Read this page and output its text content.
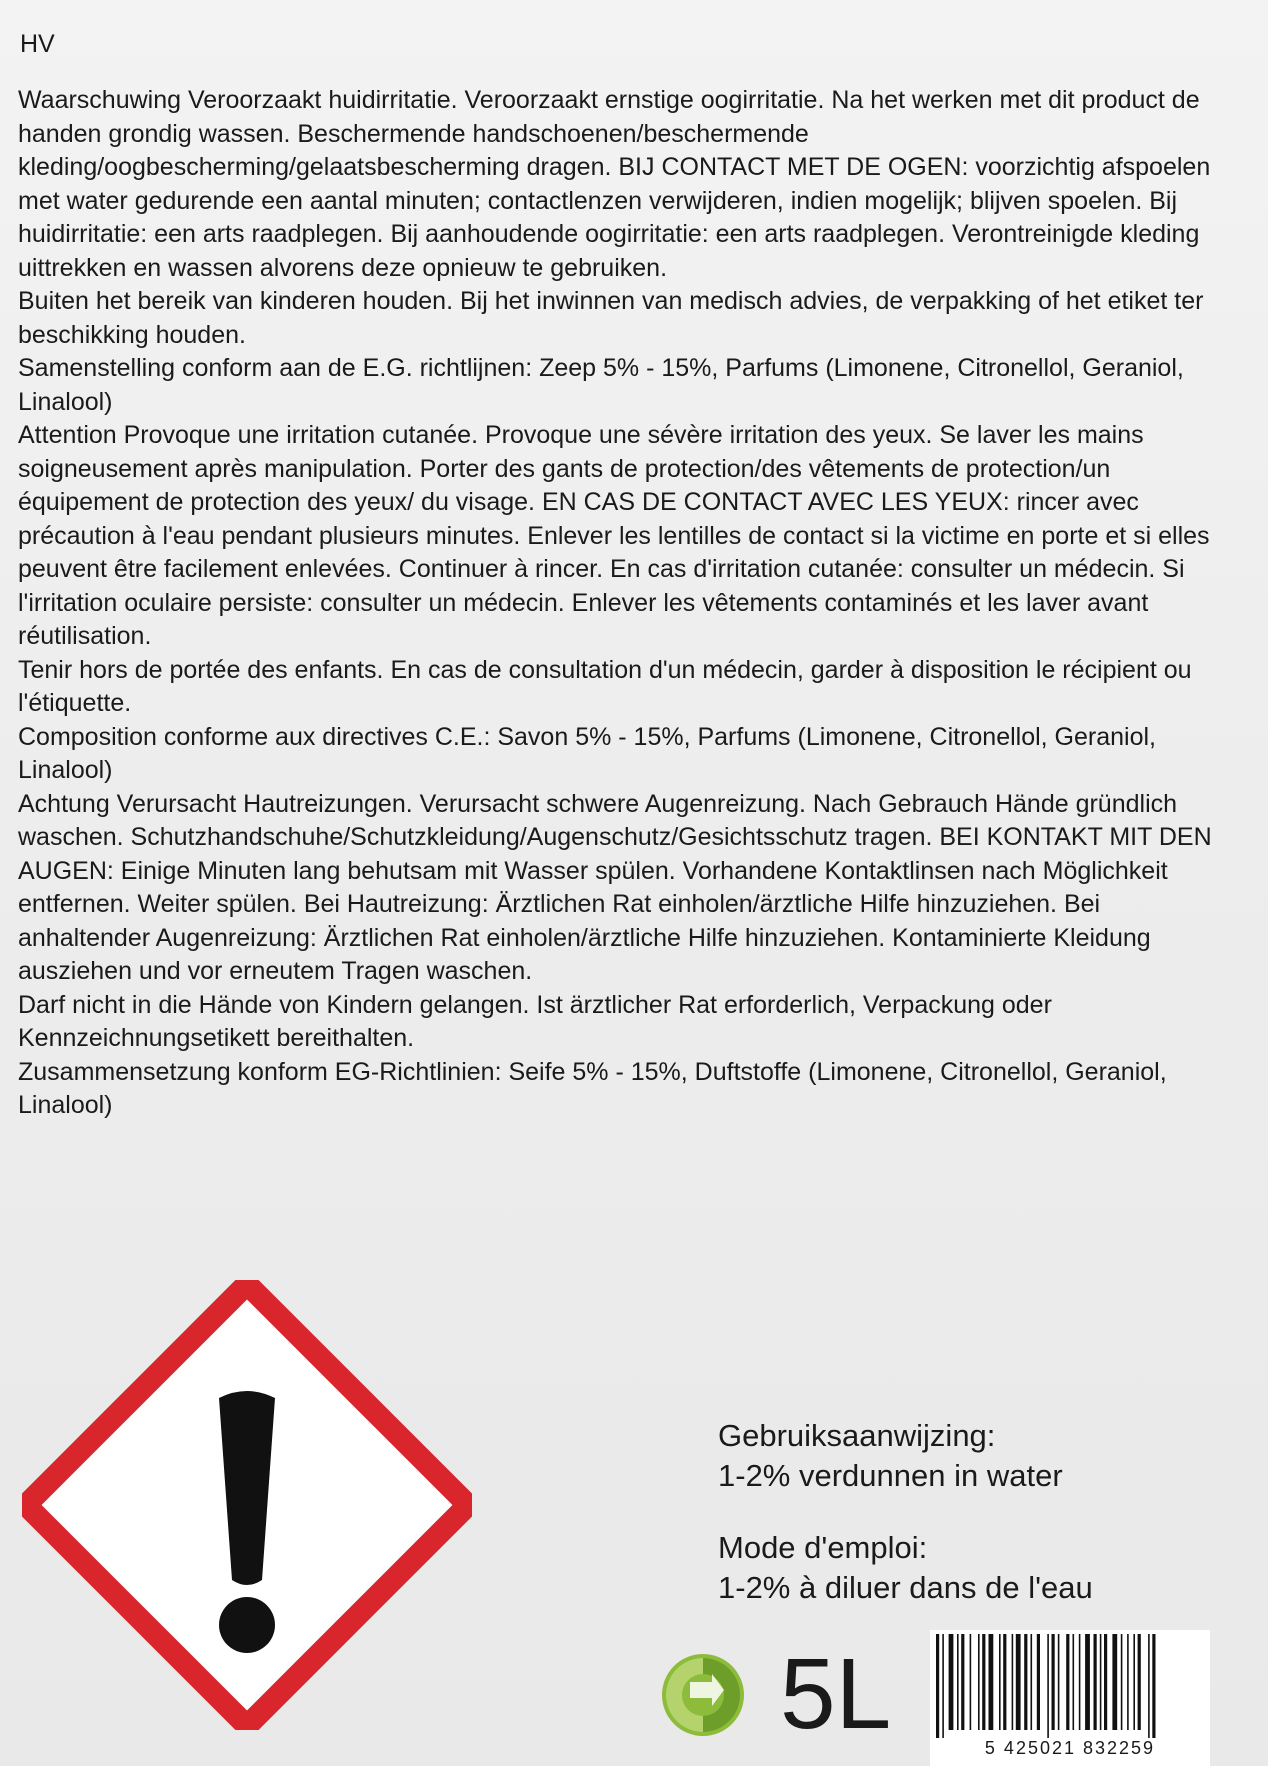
HV

Waarschuwing Veroorzaakt huidirritatie. Veroorzaakt ernstige oogirritatie. Na het werken met dit product de handen grondig wassen. Beschermende handschoenen/beschermende kleding/oogbescherming/gelaatsbescherming dragen. BIJ CONTACT MET DE OGEN: voorzichtig afspoelen met water gedurende een aantal minuten; contactlenzen verwijderen, indien mogelijk; blijven spoelen. Bij huidirritatie: een arts raadplegen. Bij aanhoudende oogirritatie: een arts raadplegen. Verontreinigde kleding uittrekken en wassen alvorens deze opnieuw te gebruiken.

Buiten het bereik van kinderen houden. Bij het inwinnen van medisch advies, de verpakking of het etiket ter beschikking houden.

Samenstelling conform aan de E.G. richtlijnen: Zeep 5% - 15%, Parfums (Limonene, Citronellol, Geraniol, Linalool)

Attention Provoque une irritation cutanée. Provoque une sévère irritation des yeux. Se laver les mains soigneusement après manipulation. Porter des gants de protection/des vêtements de protection/un équipement de protection des yeux/ du visage. EN CAS DE CONTACT AVEC LES YEUX: rincer avec précaution à l'eau pendant plusieurs minutes. Enlever les lentilles de contact si la victime en porte et si elles peuvent être facilement enlevées. Continuer à rincer. En cas d'irritation cutanée: consulter un médecin. Si l'irritation oculaire persiste: consulter un médecin. Enlever les vêtements contaminés et les laver avant réutilisation.

Tenir hors de portée des enfants. En cas de consultation d'un médecin, garder à disposition le récipient ou l'étiquette.

Composition conforme aux directives C.E.: Savon 5% - 15%, Parfums (Limonene, Citronellol, Geraniol, Linalool)

Achtung Verursacht Hautreizungen. Verursacht schwere Augenreizung. Nach Gebrauch Hände gründlich waschen. Schutzhandschuhe/Schutzkleidung/Augenschutz/Gesichtsschutz tragen. BEI KONTAKT MIT DEN AUGEN: Einige Minuten lang behutsam mit Wasser spülen. Vorhandene Kontaktlinsen nach Möglichkeit entfernen. Weiter spülen. Bei Hautreizung: Ärztlichen Rat einholen/ärztliche Hilfe hinzuziehen. Bei anhaltender Augenreizung: Ärztlichen Rat einholen/ärztliche Hilfe hinzuziehen. Kontaminierte Kleidung ausziehen und vor erneutem Tragen waschen.

Darf nicht in die Hände von Kindern gelangen. Ist ärztlicher Rat erforderlich, Verpackung oder Kennzeichnungsetikett bereithalten.

Zusammensetzung konform EG-Richtlinien: Seife 5% - 15%, Duftstoffe (Limonene, Citronellol, Geraniol, Linalool)

Gebruiksaanwijzing:
1-2% verdunnen in water
Mode d'emploi:
1-2% à diluer dans de l'eau
5L	5 425021 832259
